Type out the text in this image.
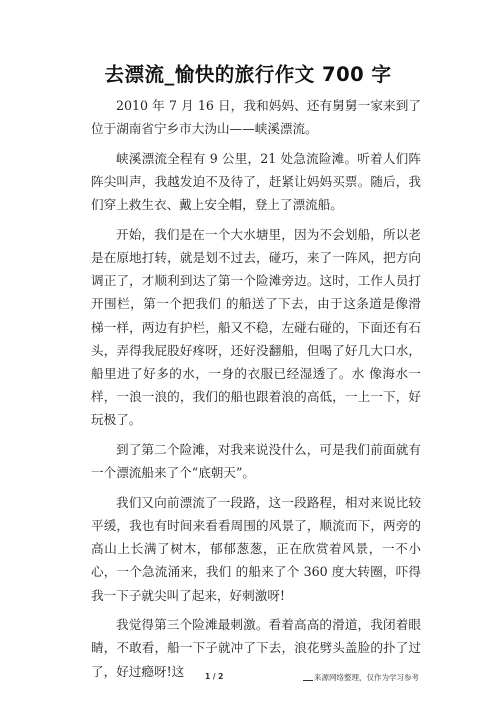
去漂流_愉快的旅行作文 700 字

2010 年 7 月 16 日，我和妈妈、还有舅舅一家来到了位于湖南省宁乡市大沩山——峡溪漂流。

峡溪漂流全程有 9 公里，21 处急流险滩。听着人们阵阵尖叫声，我越发迫不及待了，赶紧让妈妈买票。随后，我们穿上救生衣、戴上安全帽，登上了漂流船。

开始，我们是在一个大水塘里，因为不会划船，所以老是在原地打转，就是划不过去，碰巧，来了一阵风，把方向调正了，才顺利到达了第一个险滩旁边。这时，工作人员打开围栏，第一个把我们 的船送了下去，由于这条道是像滑梯一样，两边有护栏，船又不稳，左碰右碰的，下面还有石头，弄得我屁股好疼呀，还好没翻船，但喝了好几大口水，船里进了好多的水，一身的衣服已经湿透了。水 像海水一样，一浪一浪的，我们的船也跟着浪的高低，一上一下，好玩极了。

到了第二个险滩，对我来说没什么，可是我们前面就有一个漂流船来了个“底朝天”。

我们又向前漂流了一段路，这一段路程，相对来说比较平缓，我也有时间来看看周围的风景了，顺流而下，两旁的高山上长满了树木，郁郁葱葱，正在欣赏着风景，一不小心，一个急流涌来，我们 的船来了个 360 度大转圈，吓得我一下子就尖叫了起来，好刺激呀!

我觉得第三个险滩最刺激。看着高高的滑道，我闭着眼睛，不敢看，船一下子就冲了下去，浪花劈头盖脸的扑了过了，好过瘾呀!这	1 / 2	来源网络整理，仅作为学习参考
